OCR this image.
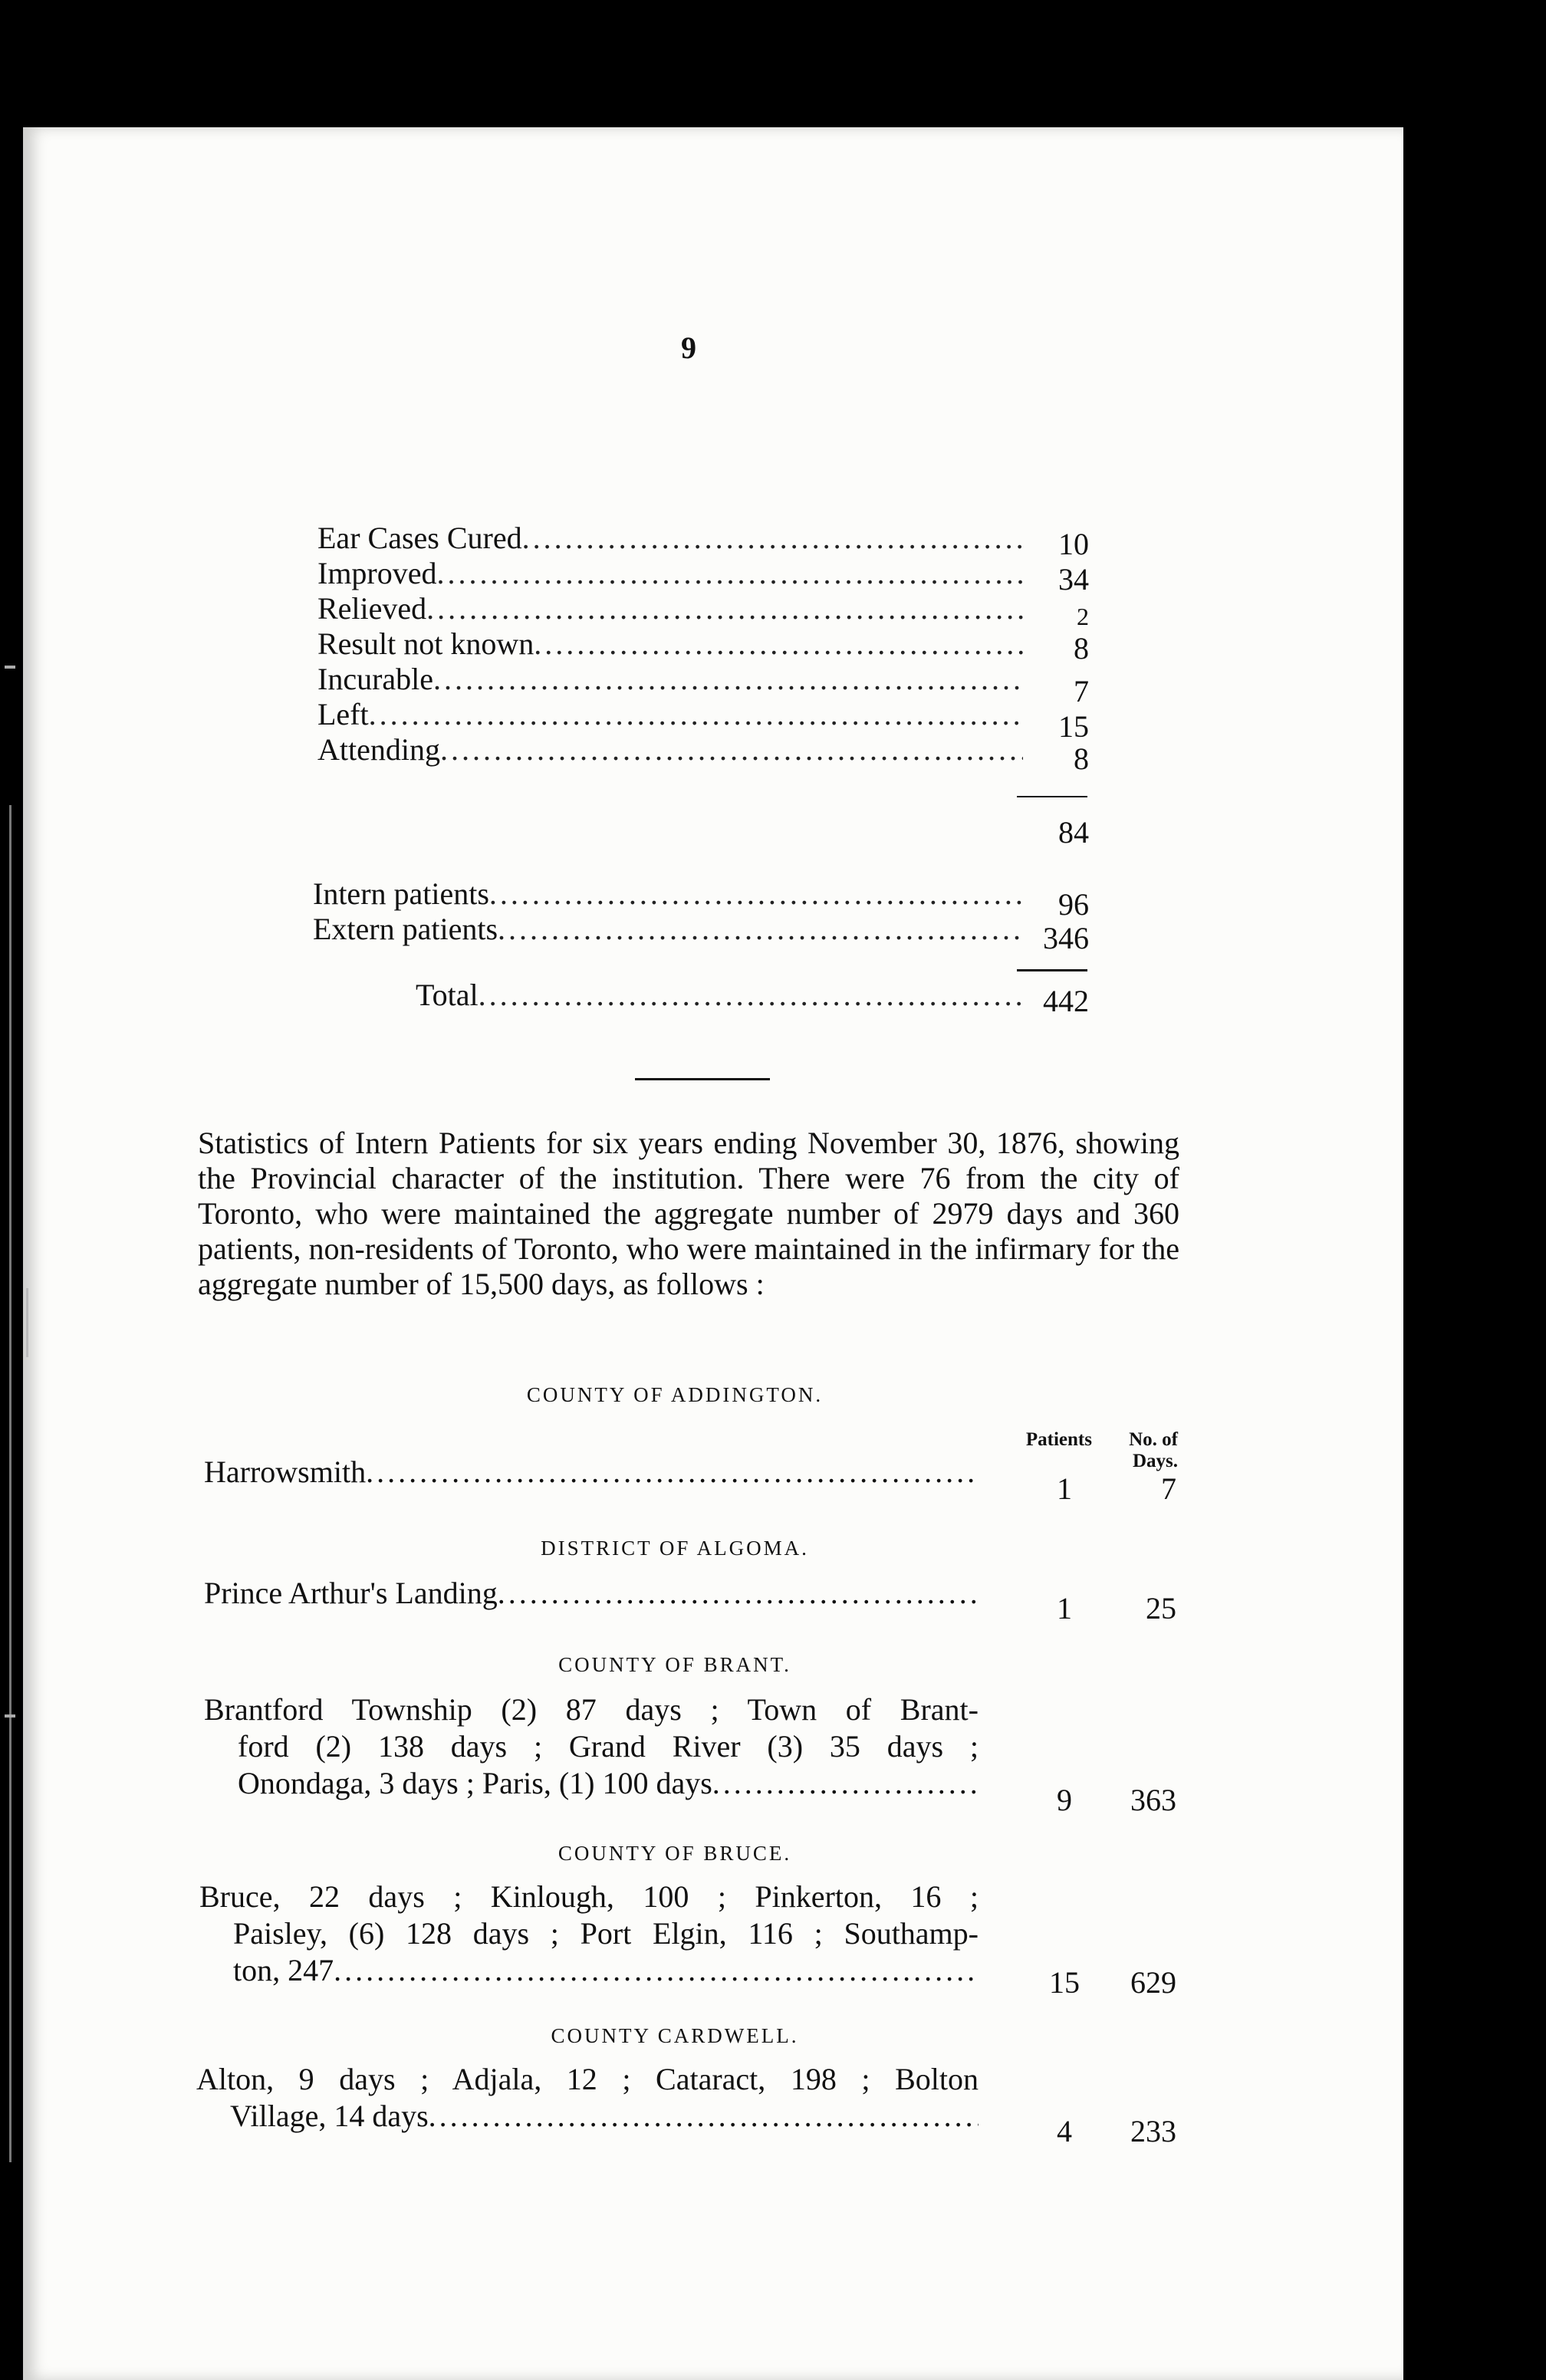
9
Ear Cases Cured .....	10
Improved .....	34
Relieved .....	2
Result not known .....	8
Incurable .....	7
Left .....	15
Attending .....	8
84
Intern patients .....	96
Extern patients .....	346
Total .....	442
Statistics of Intern Patients for six years ending November 30, 1876, showing the Provincial character of the institution. There were 76 from the city of Toronto, who were maintained the aggregate number of 2979 days and 360 patients, non-residents of Toronto, who were maintained in the infirmary for the aggregate number of 15,500 days, as follows :
COUNTY OF ADDINGTON.
Patients	No. of Days.
Harrowsmith .....	1	7
DISTRICT OF ALGOMA.
Prince Arthur's Landing .....	1	25
COUNTY OF BRANT.
Brantford Township (2) 87 days ; Town of Brant-
ford (2) 138 days ; Grand River (3) 35 days ;
Onondaga, 3 days ; Paris, (1) 100 days .....	9	363
COUNTY OF BRUCE.
Bruce, 22 days ; Kinlough, 100 ; Pinkerton, 16 ;
Paisley, (6) 128 days ; Port Elgin, 116 ; Southamp-
ton, 247 .....	15	629
COUNTY CARDWELL.
Alton, 9 days ; Adjala, 12 ; Cataract, 198 ; Bolton
Village, 14 days .....	4	233
